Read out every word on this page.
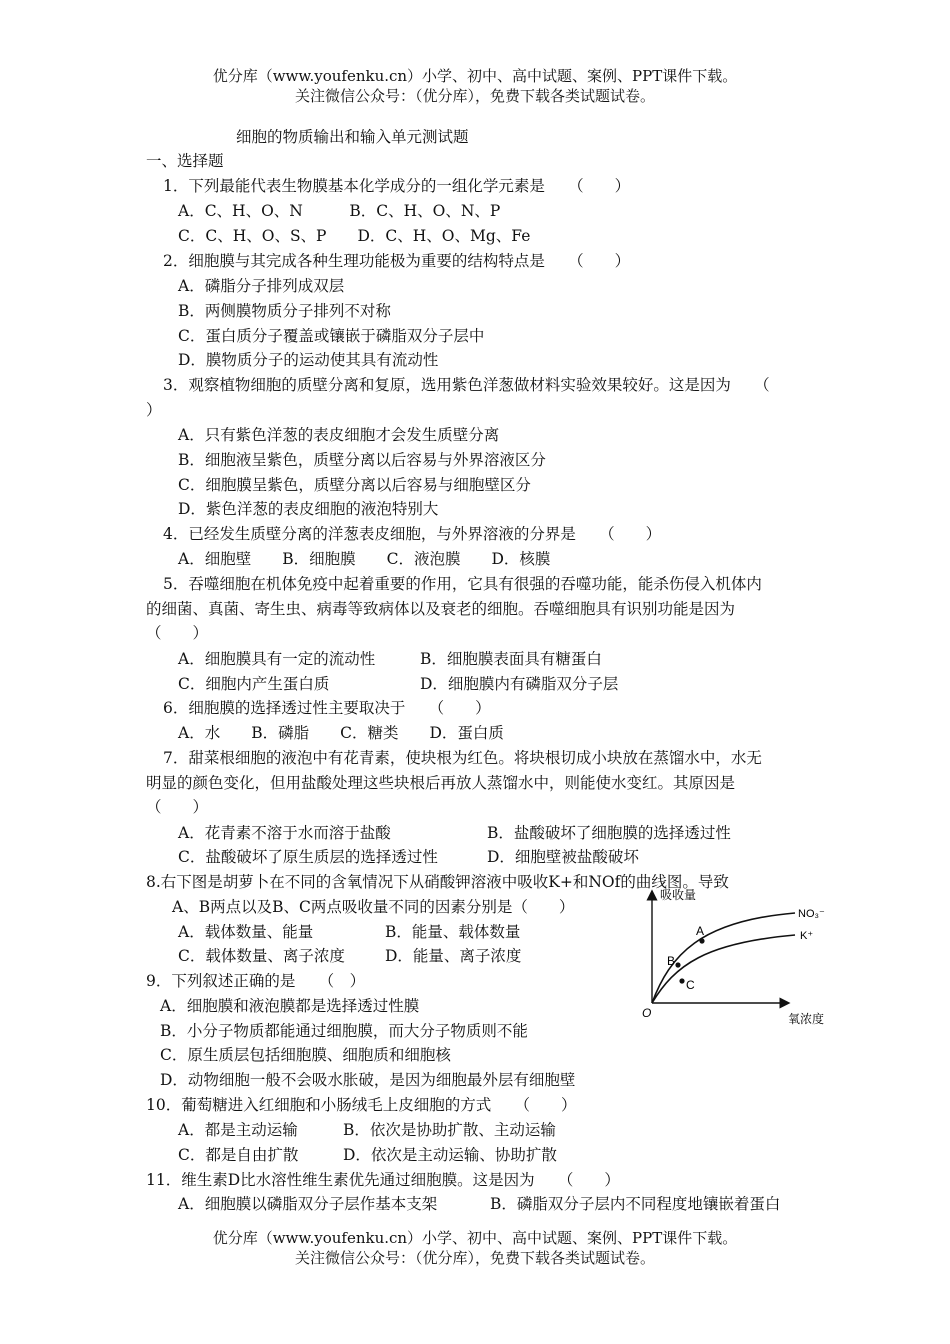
优分库（www.youfenku.cn）小学、初中、高中试题、案例、PPT课件下载。
关注微信公众号：（优分库），免费下载各类试题试卷。
细胞的物质输出和输入单元测试题
一、选择题
1．下列最能代表生物膜基本化学成分的一组化学元素是　　（　　）
A．C、H、O、N　　　B．C、H、O、N、P
C．C、H、O、S、P　　D．C、H、O、Mg、Fe
2．细胞膜与其完成各种生理功能极为重要的结构特点是　　（　　）
A．磷脂分子排列成双层
B．两侧膜物质分子排列不对称
C．蛋白质分子覆盖或镶嵌于磷脂双分子层中
D．膜物质分子的运动使其具有流动性
3．观察植物细胞的质壁分离和复原，选用紫色洋葱做材料实验效果较好。这是因为　　（
）
A．只有紫色洋葱的表皮细胞才会发生质壁分离
B．细胞液呈紫色，质壁分离以后容易与外界溶液区分
C．细胞膜呈紫色，质壁分离以后容易与细胞壁区分
D．紫色洋葱的表皮细胞的液泡特别大
4．已经发生质壁分离的洋葱表皮细胞，与外界溶液的分界是　　（　　）
A．细胞壁　　B．细胞膜　　C．液泡膜　　D．核膜
5．吞噬细胞在机体免疫中起着重要的作用，它具有很强的吞噬功能，能杀伤侵入机体内
的细菌、真菌、寄生虫、病毒等致病体以及衰老的细胞。吞噬细胞具有识别功能是因为
（　　）
A．细胞膜具有一定的流动性	B．细胞膜表面具有糖蛋白
C．细胞内产生蛋白质	D．细胞膜内有磷脂双分子层
6．细胞膜的选择透过性主要取决于　　（　　）
A．水　　B．磷脂　　C．糖类　　D．蛋白质
7．甜菜根细胞的液泡中有花青素，使块根为红色。将块根切成小块放在蒸馏水中，水无
明显的颜色变化，但用盐酸处理这些块根后再放人蒸馏水中，则能使水变红。其原因是
（　　）
A．花青素不溶于水而溶于盐酸	B．盐酸破坏了细胞膜的选择透过性
C．盐酸破坏了原生质层的选择透过性	D．细胞壁被盐酸破坏
8.右下图是胡萝卜在不同的含氧情况下从硝酸钾溶液中吸收K+和NOf的曲线图。导致
A、B两点以及B、C两点吸收量不同的因素分别是（　　）
A．载体数量、能量	B．能量、载体数量
C．载体数量、离子浓度	D．能量、离子浓度
9．下列叙述正确的是　　（　）
A．细胞膜和液泡膜都是选择透过性膜
B．小分子物质都能通过细胞膜，而大分子物质则不能
C．原生质层包括细胞膜、细胞质和细胞核
D．动物细胞一般不会吸水胀破，是因为细胞最外层有细胞壁
10．葡萄糖进入红细胞和小肠绒毛上皮细胞的方式　　（　　）
A．都是主动运输	B．依次是协助扩散、主动运输
C．都是自由扩散	D．依次是主动运输、协助扩散
11．维生素D比水溶性维生素优先通过细胞膜。这是因为　　（　　）
A．细胞膜以磷脂双分子层作基本支架	B．磷脂双分子层内不同程度地镶嵌着蛋白
吸收量
氧浓度
O
NO₃⁻
K⁺
A
B
C
优分库（www.youfenku.cn）小学、初中、高中试题、案例、PPT课件下载。
关注微信公众号：（优分库），免费下载各类试题试卷。
